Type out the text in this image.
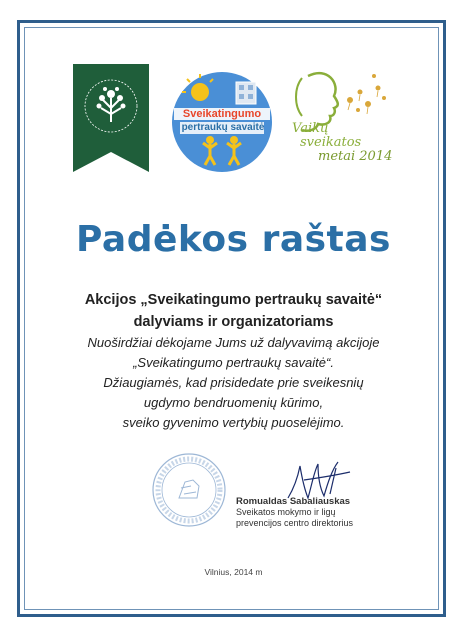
Sveikatingumo
pertraukų savaitė Vaikų
sveikatos
metai 2014
Padėkos raštas
Akcijos „Sveikatingumo pertraukų savaitė“
dalyviams ir organizatoriams
Nuoširdžiai dėkojame Jums už dalyvavimą akcijoje
„Sveikatingumo pertraukų savaitė“.
Džiaugiamės, kad prisidedate prie sveikesnių
ugdymo bendruomenių kūrimo,
sveiko gyvenimo vertybių puoselėjimo.
Romualdas Sabaliauskas
Sveikatos mokymo ir ligų
prevencijos centro direktorius
Vilnius, 2014 m
